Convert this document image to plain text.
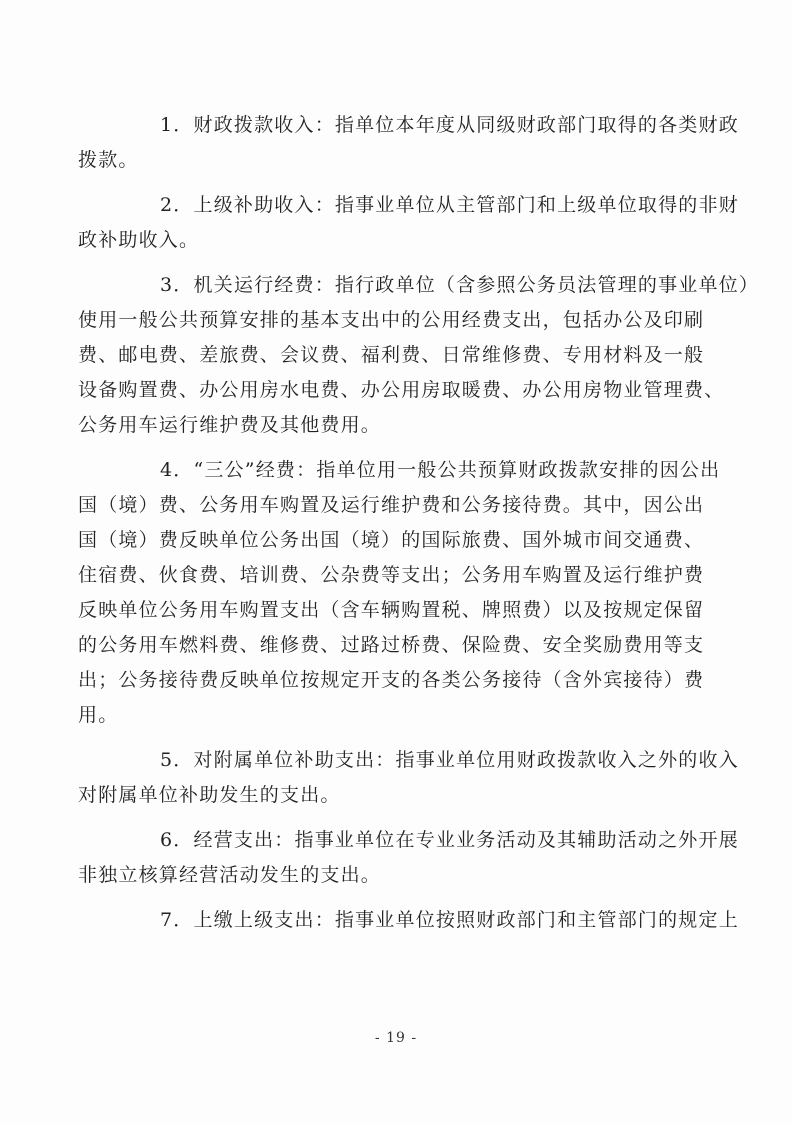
1．财政拨款收入：指单位本年度从同级财政部门取得的各类财政
拨款。

2．上级补助收入：指事业单位从主管部门和上级单位取得的非财
政补助收入。

3．机关运行经费：指行政单位（含参照公务员法管理的事业单位）
使用一般公共预算安排的基本支出中的公用经费支出，包括办公及印刷
费、邮电费、差旅费、会议费、福利费、日常维修费、专用材料及一般
设备购置费、办公用房水电费、办公用房取暖费、办公用房物业管理费、
公务用车运行维护费及其他费用。

4．“三公”经费：指单位用一般公共预算财政拨款安排的因公出
国（境）费、公务用车购置及运行维护费和公务接待费。其中，因公出
国（境）费反映单位公务出国（境）的国际旅费、国外城市间交通费、
住宿费、伙食费、培训费、公杂费等支出；公务用车购置及运行维护费
反映单位公务用车购置支出（含车辆购置税、牌照费）以及按规定保留
的公务用车燃料费、维修费、过路过桥费、保险费、安全奖励费用等支
出；公务接待费反映单位按规定开支的各类公务接待（含外宾接待）费
用。

5．对附属单位补助支出：指事业单位用财政拨款收入之外的收入
对附属单位补助发生的支出。

6．经营支出：指事业单位在专业业务活动及其辅助活动之外开展
非独立核算经营活动发生的支出。

7．上缴上级支出：指事业单位按照财政部门和主管部门的规定上

- 19 -
